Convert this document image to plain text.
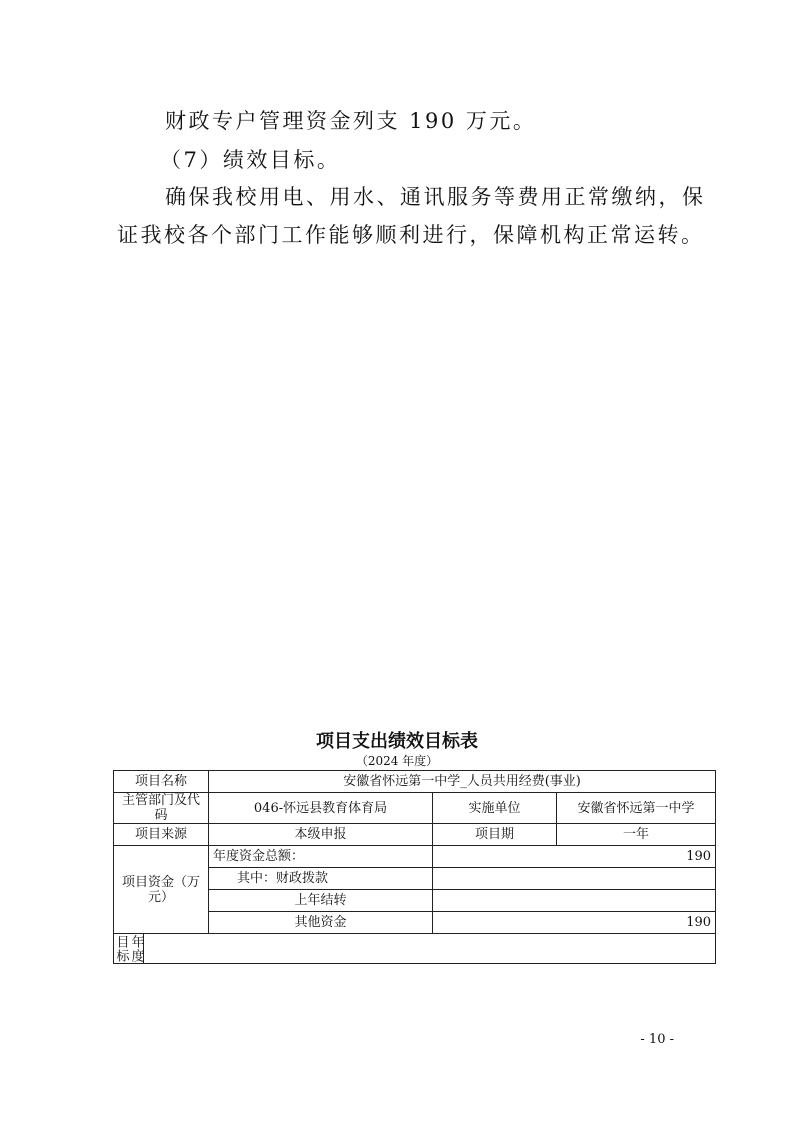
财政专户管理资金列支 190 万元。
（7）绩效目标。
确保我校用电、用水、通讯服务等费用正常缴纳，保
证我校各个部门工作能够顺利进行，保障机构正常运转。
项目支出绩效目标表
（2024 年度）
项目名称		安徽省怀远第一中学_人员共用经费(事业)		
主管部门及代码		046-怀远县教育体育局	实施单位	安徽省怀远第一中学
项目来源		本级申报	项目期	一年
项目资金（万元）		年度资金总额：	190	
		其中：财政拨款		
		上年结转		
		其他资金	190	
年度目标				
- 10 -
